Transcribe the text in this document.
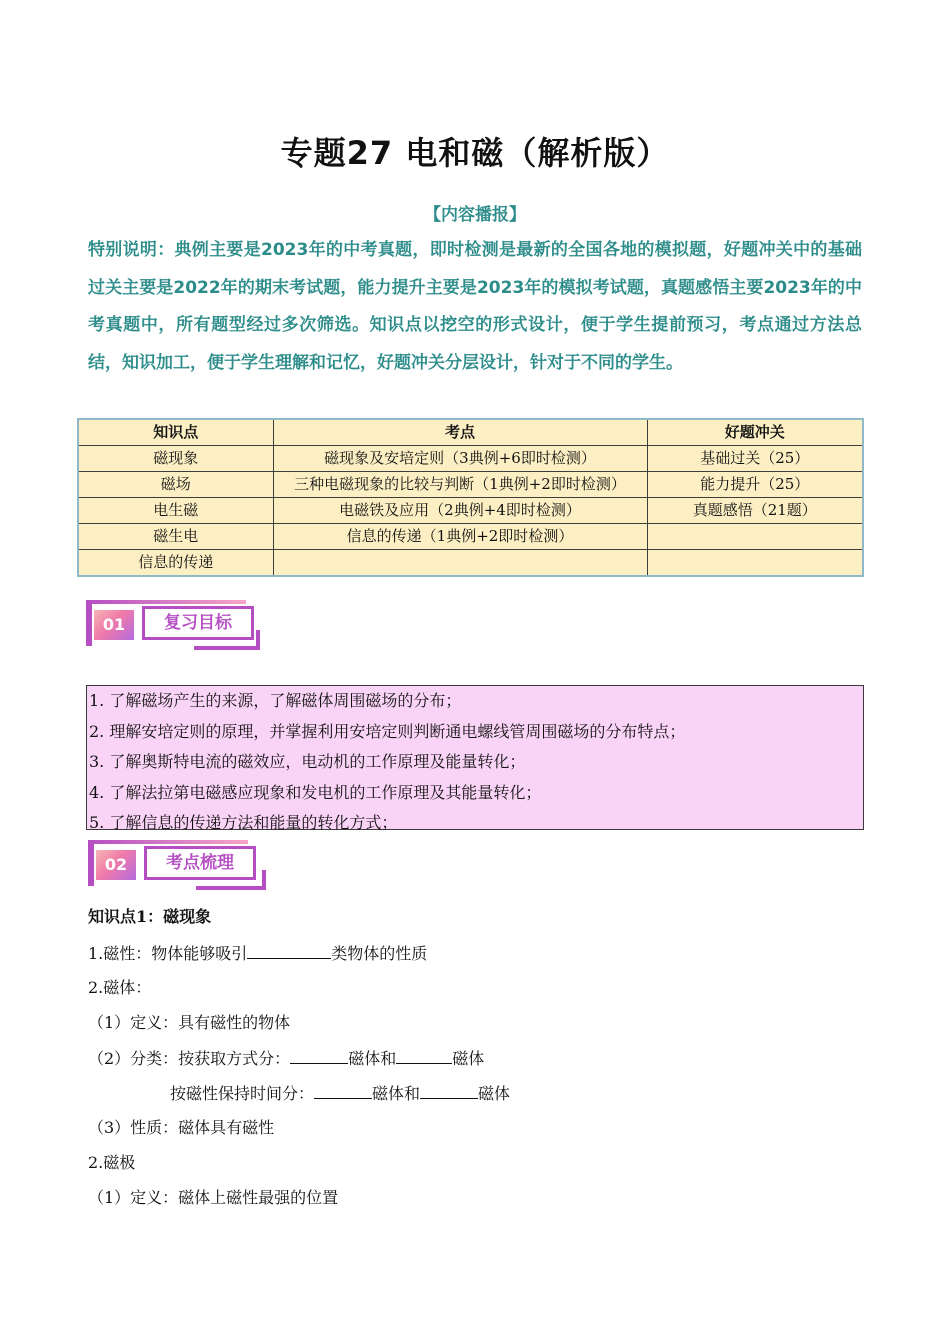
专题27 电和磁（解析版）
【内容播报】
特别说明：典例主要是2023年的中考真题，即时检测是最新的全国各地的模拟题，好题冲关中的基础过关主要是2022年的期末考试题，能力提升主要是2023年的模拟考试题，真题感悟主要2023年的中考真题中，所有题型经过多次筛选。知识点以挖空的形式设计，便于学生提前预习，考点通过方法总结，知识加工，便于学生理解和记忆，好题冲关分层设计，针对于不同的学生。
知识点	考点	好题冲关
磁现象	磁现象及安培定则（3典例+6即时检测）	基础过关（25）
磁场	三种电磁现象的比较与判断（1典例+2即时检测）	能力提升（25）
电生磁	电磁铁及应用（2典例+4即时检测）	真题感悟（21题）
磁生电	信息的传递（1典例+2即时检测）	
信息的传递		
01	复习目标
1. 了解磁场产生的来源，了解磁体周围磁场的分布；
2. 理解安培定则的原理，并掌握利用安培定则判断通电螺线管周围磁场的分布特点；
3. 了解奥斯特电流的磁效应，电动机的工作原理及能量转化；
4. 了解法拉第电磁感应现象和发电机的工作原理及其能量转化；
5. 了解信息的传递方法和能量的转化方式；
02	考点梳理
知识点1：磁现象
1.磁性：物体能够吸引	类物体的性质
2.磁体：
（1）定义：具有磁性的物体
（2）分类：按获取方式分：	磁体和	磁体
按磁性保持时间分：	磁体和	磁体
（3）性质：磁体具有磁性
2.磁极
（1）定义：磁体上磁性最强的位置
